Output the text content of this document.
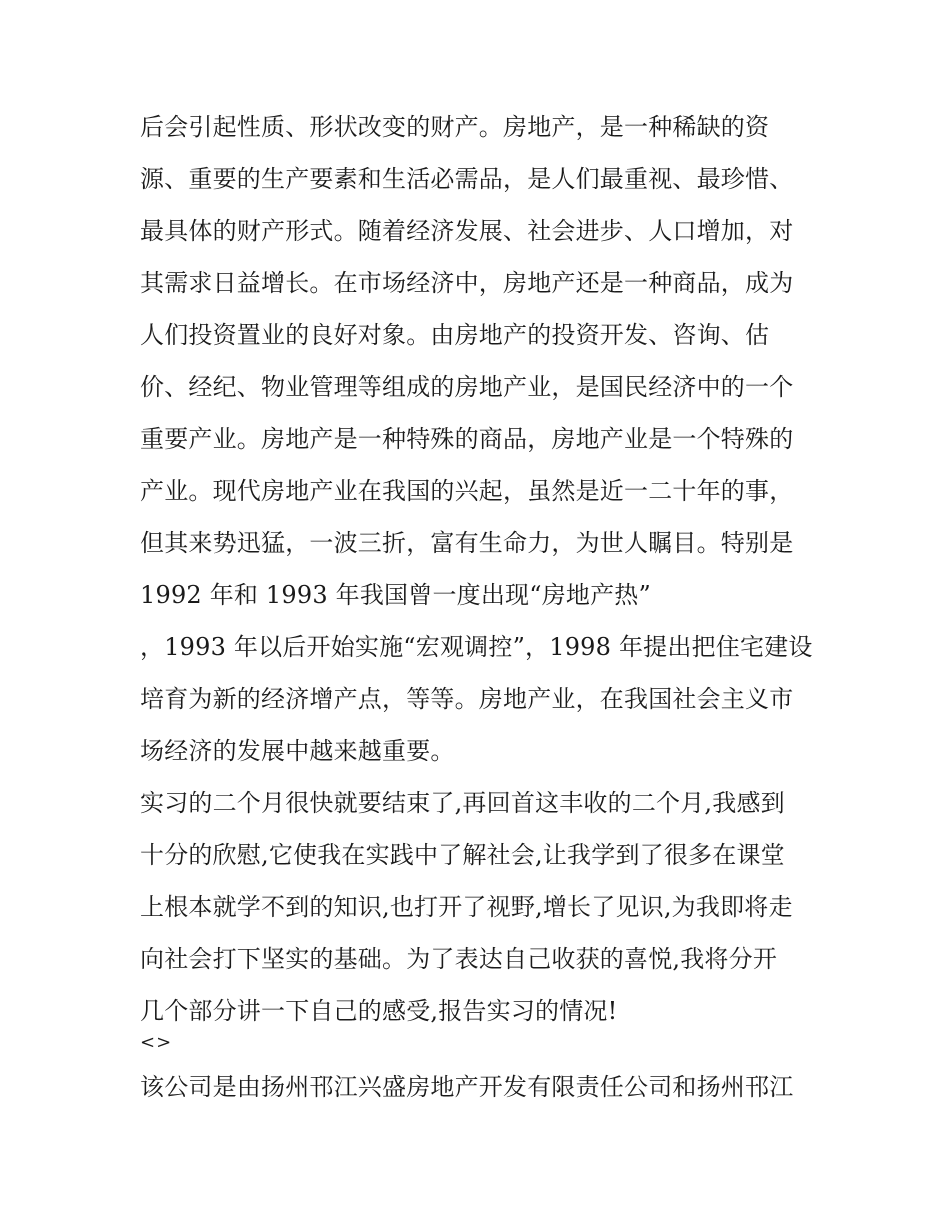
后会引起性质、形状改变的财产。房地产，是一种稀缺的资
源、重要的生产要素和生活必需品，是人们最重视、最珍惜、
最具体的财产形式。随着经济发展、社会进步、人口增加，对
其需求日益增长。在市场经济中，房地产还是一种商品，成为
人们投资置业的良好对象。由房地产的投资开发、咨询、估
价、经纪、物业管理等组成的房地产业，是国民经济中的一个
重要产业。房地产是一种特殊的商品，房地产业是一个特殊的
产业。现代房地产业在我国的兴起，虽然是近一二十年的事，
但其来势迅猛，一波三折，富有生命力，为世人瞩目。特别是
1992 年和 1993 年我国曾一度出现“房地产热”
，1993 年以后开始实施“宏观调控”，1998 年提出把住宅建设
培育为新的经济增产点，等等。房地产业，在我国社会主义市
场经济的发展中越来越重要。
实习的二个月很快就要结束了,再回首这丰收的二个月,我感到
十分的欣慰,它使我在实践中了解社会,让我学到了很多在课堂
上根本就学不到的知识,也打开了视野,增长了见识,为我即将走
向社会打下坚实的基础。为了表达自己收获的喜悦,我将分开
几个部分讲一下自己的感受,报告实习的情况!
<>
该公司是由扬州邗江兴盛房地产开发有限责任公司和扬州邗江
